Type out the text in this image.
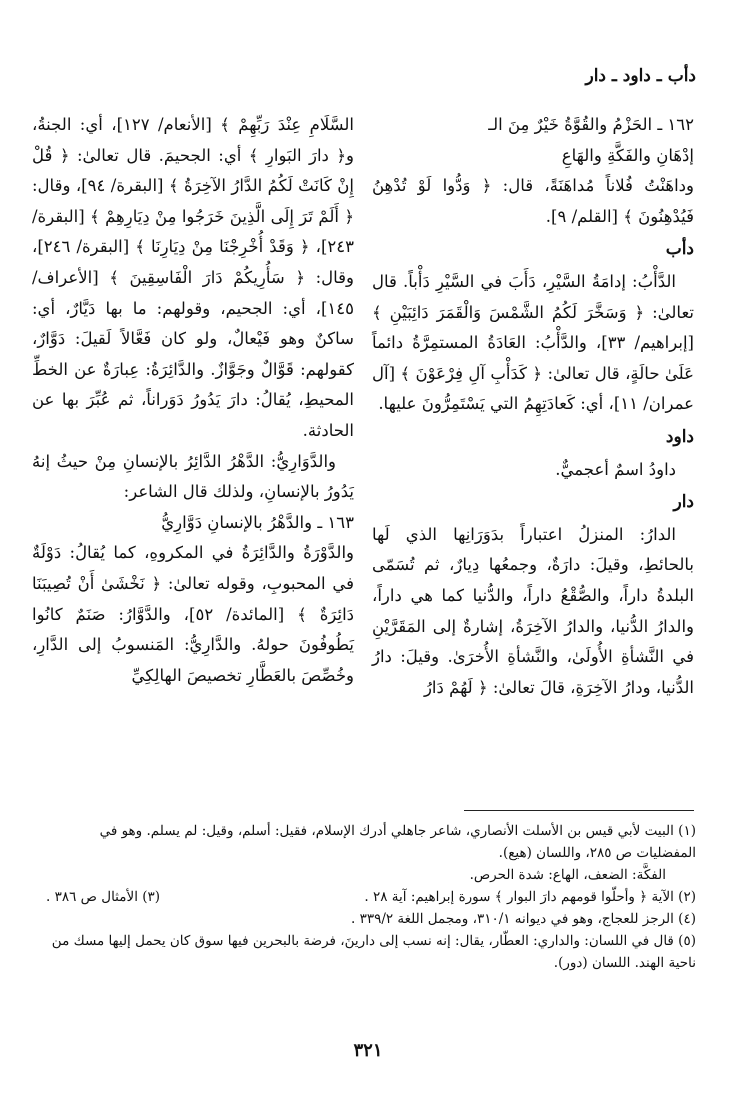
دأب ـ داود ـ دار

١٦٢ ـ الحَزْمُ والقُوَّةُ خَيْرٌ مِنَ الـ

إدْهَانِ والفَكَّةِ والهَاعِ

وداهَنْتُ فُلاناً مُداهَنَةً، قال: ﴿ وَدُّوا لَوْ تُدْهِنُ فَيُدْهِنُونَ ﴾ [القلم/ ٩].

دأب

الدَّأْبُ: إدامَةُ السَّيْرِ، دَأَبَ في السَّيْرِ دَأْباً. قال تعالىٰ: ﴿ وَسَخَّرَ لَكُمُ الشَّمْسَ وَالْقَمَرَ دَائِبَيْنِ ﴾ [إبراهيم/ ٣٣]، والدَّأْبُ: العَادَةُ المستمِرَّةُ دائماً عَلَىٰ حالَةٍ، قال تعالىٰ: ﴿ كَدَأْبِ آلِ فِرْعَوْنَ ﴾ [آل عمران/ ١١]، أي: كَعادَتِهِمُ التي يَسْتَمِرُّونَ عليها.

داود

داودُ اسمٌ أعجميٌّ.

دار

الدارُ: المنزلُ اعتباراً بدَوَرَانِها الذي لَها بالحائطِ، وقيلَ: دارَةٌ، وجمعُها دِيارٌ، ثم تُسَمّى البلدةُ داراً، والصُّقْعُ داراً، والدُّنيا كما هي داراً، والدارُ الدُّنيا، والدارُ الآخِرَةُ، إشارةٌ إلى المَقَرَّيْنِ في النَّشأةِ الأُولَىٰ، والنَّشأةِ الأُخرَىٰ. وقيلَ: دارُ الدُّنيا، ودارُ الآخِرَةِ، قالَ تعالىٰ: ﴿ لَهُمْ دَارُ

السَّلَامِ عِنْدَ رَبِّهِمْ ﴾ [الأنعام/ ١٢٧]، أي: الجنةُ، و﴿ دارَ البَوارِ ﴾ أي: الجحيمَ. قال تعالىٰ: ﴿ قُلْ إِنْ كَانَتْ لَكُمُ الدَّارُ الآخِرَةُ ﴾ [البقرة/ ٩٤]، وقال: ﴿ أَلَمْ تَرَ إِلَى الَّذِينَ خَرَجُوا مِنْ دِيَارِهِمْ ﴾ [البقرة/ ٢٤٣]، ﴿ وَقَدْ أُخْرِجْنَا مِنْ دِيَارِنَا ﴾ [البقرة/ ٢٤٦]، وقال: ﴿ سَأُرِيكُمْ دَارَ الْفَاسِقِينَ ﴾ [الأعراف/ ١٤٥]، أي: الجحيم، وقولهم: ما بها دَيَّارٌ، أي: ساكنٌ وهو فَيْعالٌ، ولو كان فَعَّالاً لَقيلَ: دَوَّارٌ، كقولهم: قَوَّالٌ وجَوَّازٌ. والدَّائِرَةُ: عِبارَةٌ عن الخطِّ المحيطِ، يُقالُ: دارَ يَدُورُ دَوَراناً، ثم عُبِّرَ بها عن الحادثة.

والدَّوَارِيُّ: الدَّهْرُ الدَّائِرُ بالإنسانِ مِنْ حيثُ إنهُ يَدُورُ بالإنسانِ، ولذلك قال الشاعر:

١٦٣ ـ والدَّهْرُ بالإنسانِ دَوَّارِيُّ

والدَّوْرَةُ والدَّائِرَةُ في المكروهِ، كما يُقالُ: دَوْلَةٌ في المحبوبِ، وقوله تعالىٰ: ﴿ نَخْشَىٰ أَنْ تُصِيبَنَا دَائِرَةٌ ﴾ [المائدة/ ٥٢]، والدَّوَّارُ: صَنَمٌ كانُوا يَطُوفُونَ حولهُ. والدَّارِيُّ: المَنسوبُ إلى الدَّارِ، وخُصِّصَ بالعَطَّارِ تخصيصَ الهالِكِيِّ

(١) البيت لأبي قيس بن الأسلت الأنصاري، شاعر جاهلي أدرك الإسلام، فقيل: أسلم، وقيل: لم يسلم. وهو في المفضليات ص ٢٨٥، واللسان (هيع).

الفكَّة: الضعف، الهاع: شدة الحرص.

(٢) الآية ﴿ وأحلّوا قومهم دارَ البوار ﴾ سورة إبراهيم: آية ٢٨ .
(٣) الأمثال ص ٣٨٦ .

(٤) الرجز للعجاج، وهو في ديوانه ٣١٠/١، ومجمل اللغة ٣٣٩/٢ .

(٥) قال في اللسان: والداري: العطّار، يقال: إنه نسب إلى دارينَ، فرضة بالبحرين فيها سوق كان يحمل إليها مسك من ناحية الهند. اللسان (دور).

٣٢١
